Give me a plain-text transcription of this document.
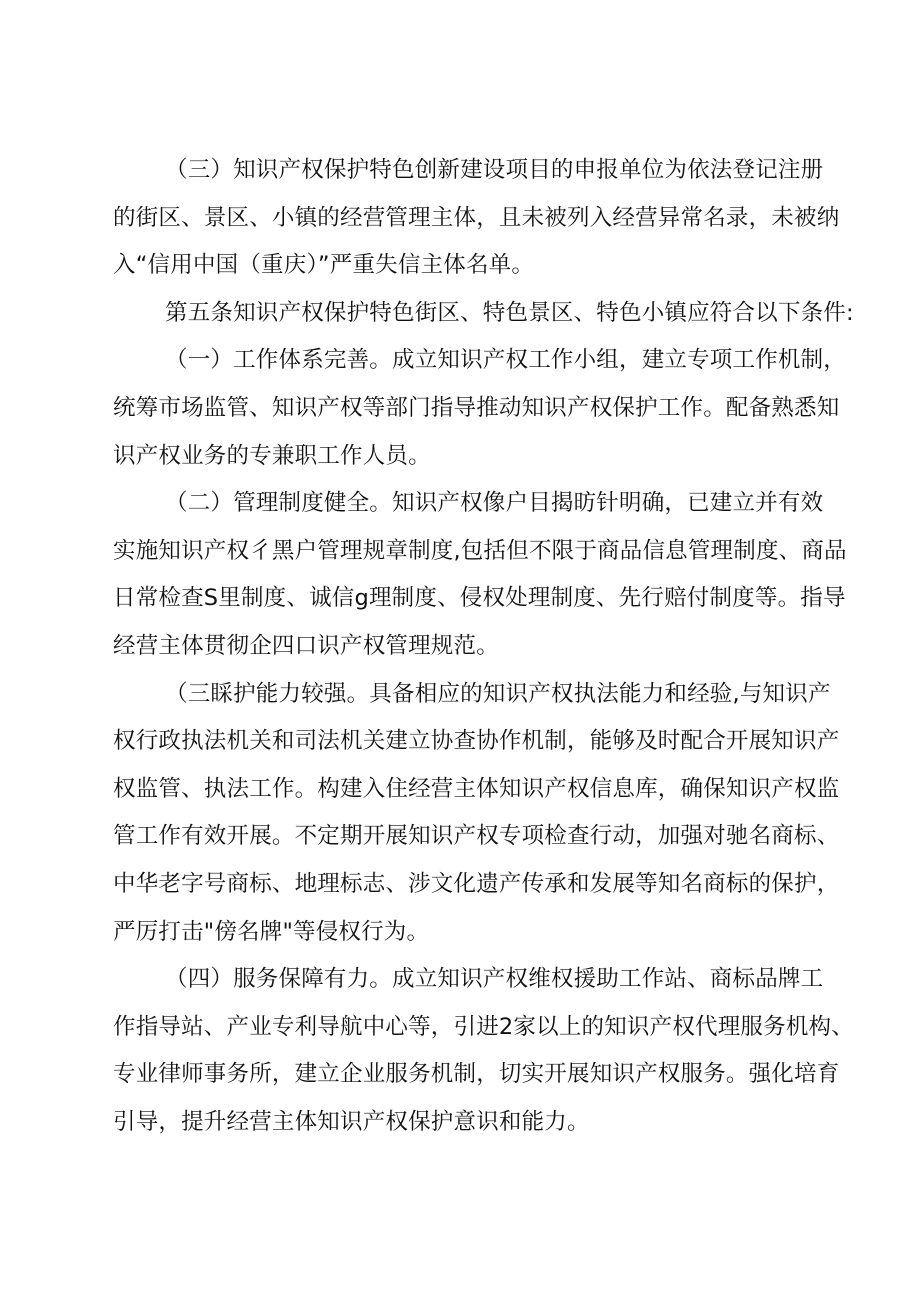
（三）知识产权保护特色创新建设项目的申报单位为依法登记注册
的街区、景区、小镇的经营管理主体，且未被列入经营异常名录，未被纳
入“信用中国（重庆）”严重失信主体名单。
第五条知识产权保护特色街区、特色景区、特色小镇应符合以下条件:
（一）工作体系完善。成立知识产权工作小组，建立专项工作机制，
统筹市场监管、知识产权等部门指导推动知识产权保护工作。配备熟悉知
识产权业务的专兼职工作人员。
（二）管理制度健全。知识产权像户目揭昉针明确，已建立并有效
实施知识产权彳黑户管理规章制度,包括但不限于商品信息管理制度、商品
日常检查S里制度、诚信g理制度、侵权处理制度、先行赔付制度等。指导
经营主体贯彻企四口识产权管理规范。
（三睬护能力较强。具备相应的知识产权执法能力和经验,与知识产
权行政执法机关和司法机关建立协查协作机制，能够及时配合开展知识产
权监管、执法工作。构建入住经营主体知识产权信息库，确保知识产权监
管工作有效开展。不定期开展知识产权专项检查行动，加强对驰名商标、
中华老字号商标、地理标志、涉文化遗产传承和发展等知名商标的保护，
严厉打击"傍名牌"等侵权行为。
（四）服务保障有力。成立知识产权维权援助工作站、商标品牌工
作指导站、产业专利导航中心等，引进2家以上的知识产权代理服务机构、
专业律师事务所，建立企业服务机制，切实开展知识产权服务。强化培育
引导，提升经营主体知识产权保护意识和能力。
